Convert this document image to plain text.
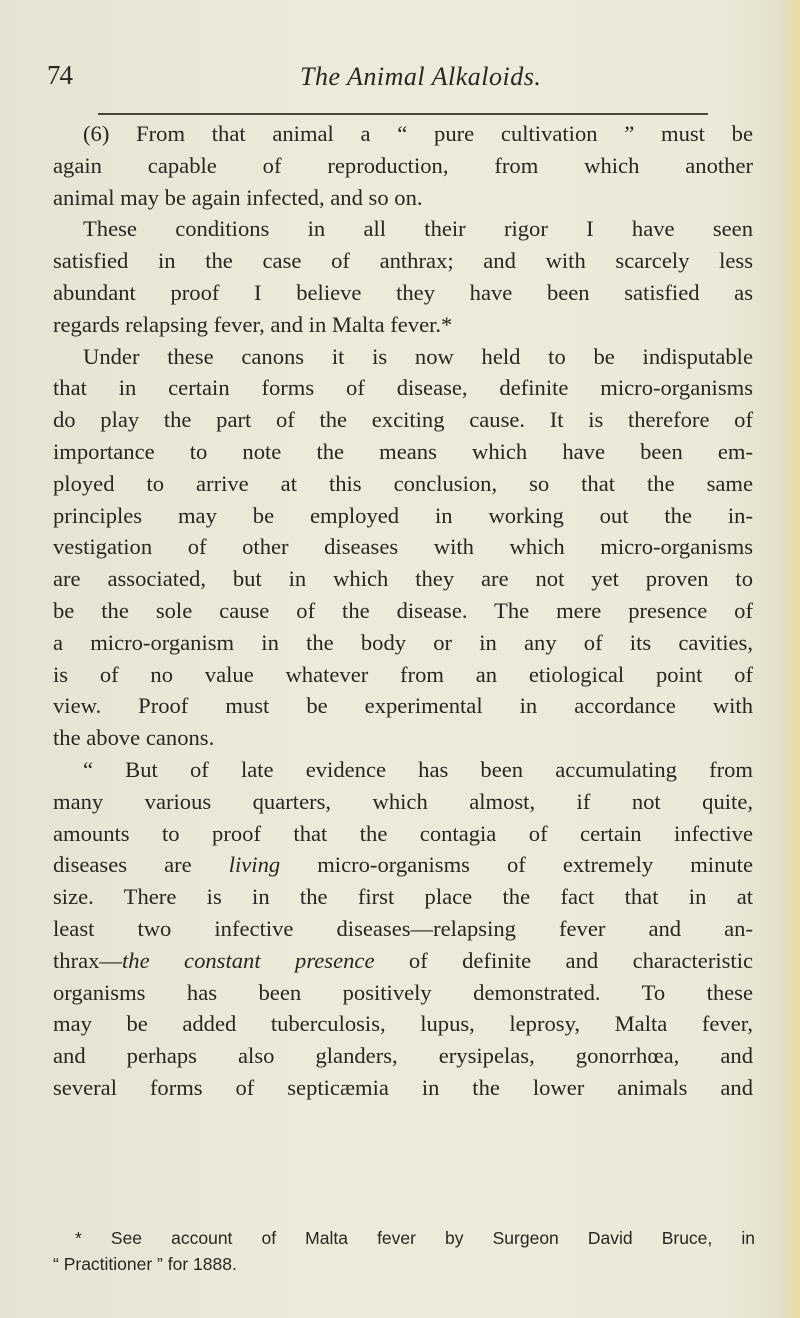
74	The Animal Alkaloids.
(6) From that animal a “ pure cultivation ” must be
again capable of reproduction, from which another
animal may be again infected, and so on.
These conditions in all their rigor I have seen
satisfied in the case of anthrax; and with scarcely less
abundant proof I believe they have been satisfied as
regards relapsing fever, and in Malta fever.*
Under these canons it is now held to be indisputable
that in certain forms of disease, definite micro-organisms
do play the part of the exciting cause. It is therefore of
importance to note the means which have been em-
ployed to arrive at this conclusion, so that the same
principles may be employed in working out the in-
vestigation of other diseases with which micro-organisms
are associated, but in which they are not yet proven to
be the sole cause of the disease. The mere presence of
a micro-organism in the body or in any of its cavities,
is of no value whatever from an etiological point of
view. Proof must be experimental in accordance with
the above canons.
“ But of late evidence has been accumulating from
many various quarters, which almost, if not quite,
amounts to proof that the contagia of certain infective
diseases are living micro-organisms of extremely minute
size. There is in the first place the fact that in at
least two infective diseases—relapsing fever and an-
thrax—the constant presence of definite and characteristic
organisms has been positively demonstrated. To these
may be added tuberculosis, lupus, leprosy, Malta fever,
and perhaps also glanders, erysipelas, gonorrhœa, and
several forms of septicæmia in the lower animals and
* See account of Malta fever by Surgeon David Bruce, in
“ Practitioner ” for 1888.
